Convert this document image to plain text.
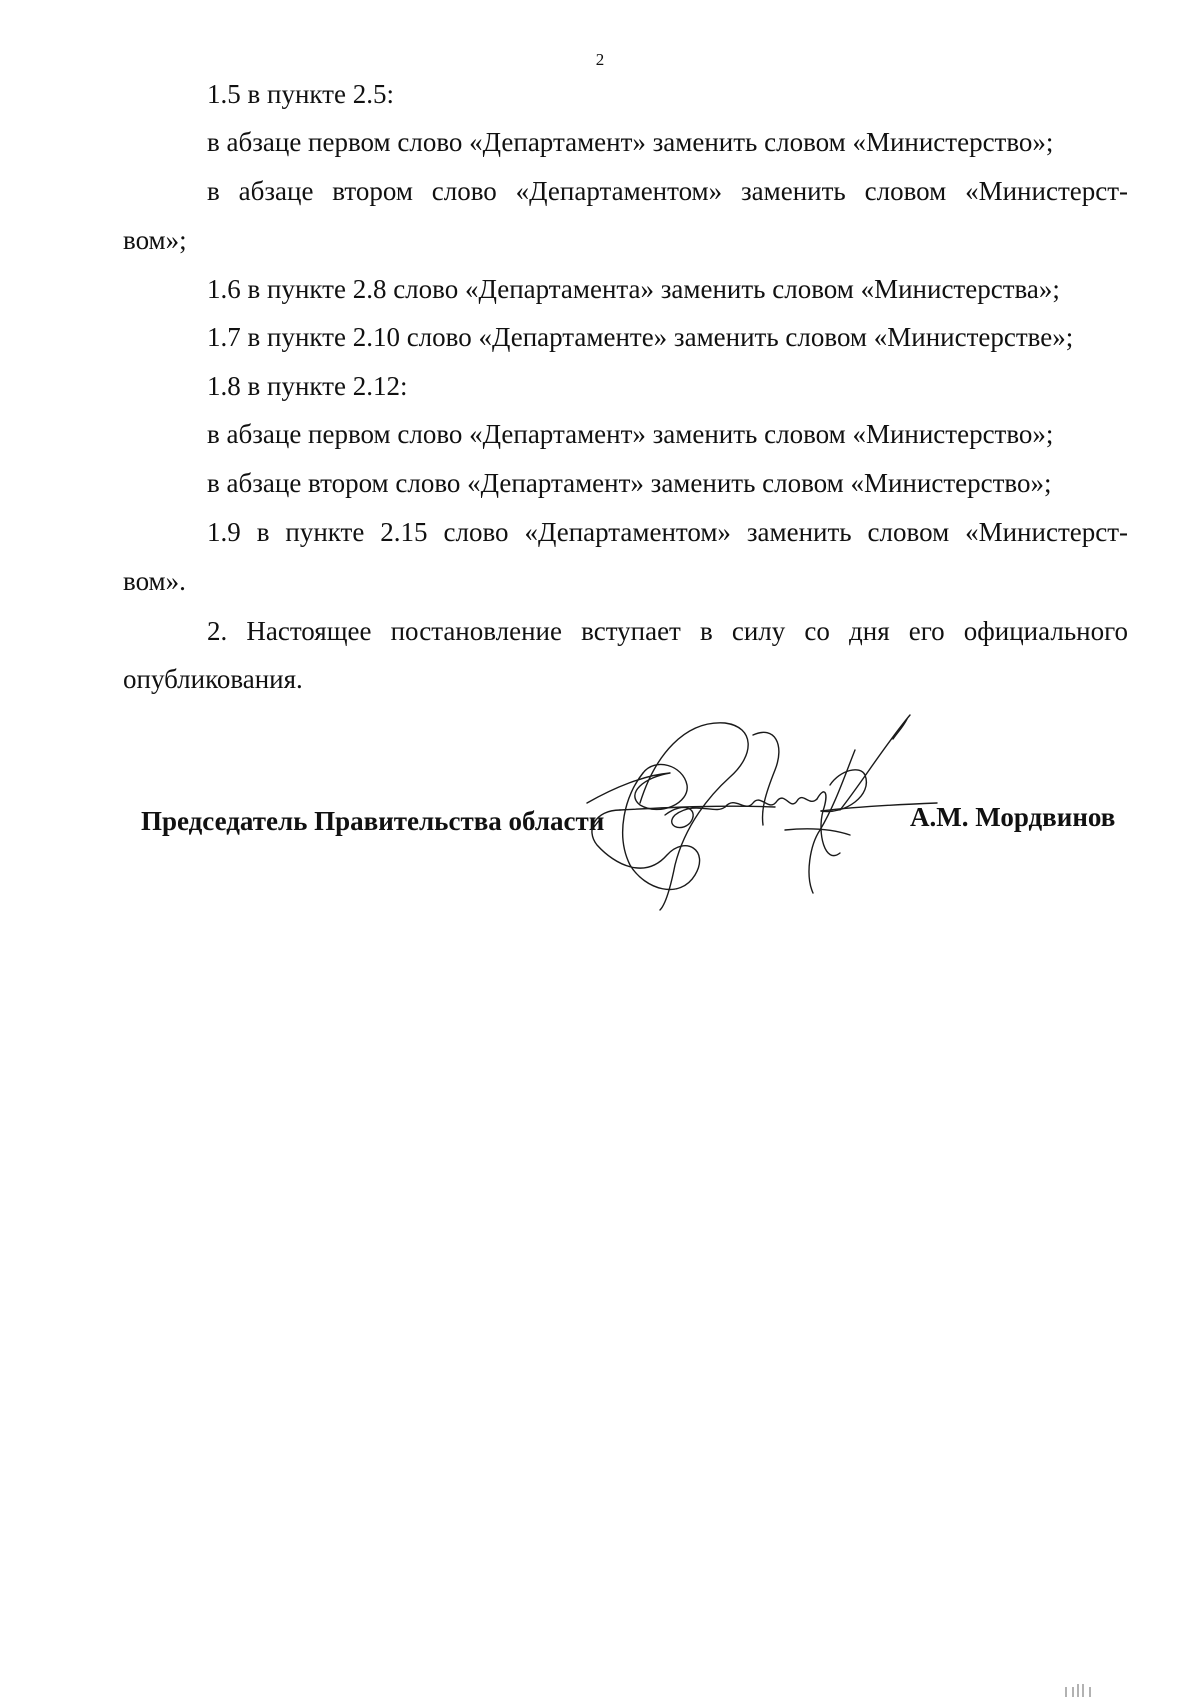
2
1.5 в пункте 2.5:
в абзаце первом слово «Департамент» заменить словом «Министерство»;
в абзаце втором слово «Департаментом» заменить словом «Министерст-
вом»;
1.6 в пункте 2.8 слово «Департамента» заменить словом «Министерства»;
1.7 в пункте 2.10 слово «Департаменте» заменить словом «Министерстве»;
1.8 в пункте 2.12:
в абзаце первом слово «Департамент» заменить словом «Министерство»;
в абзаце втором слово «Департамент» заменить словом «Министерство»;
1.9 в пункте 2.15 слово «Департаментом» заменить словом «Министерст-
вом».
2. Настоящее постановление вступает в силу со дня его официального
опубликования.
Председатель Правительства области	А.М. Мордвинов
